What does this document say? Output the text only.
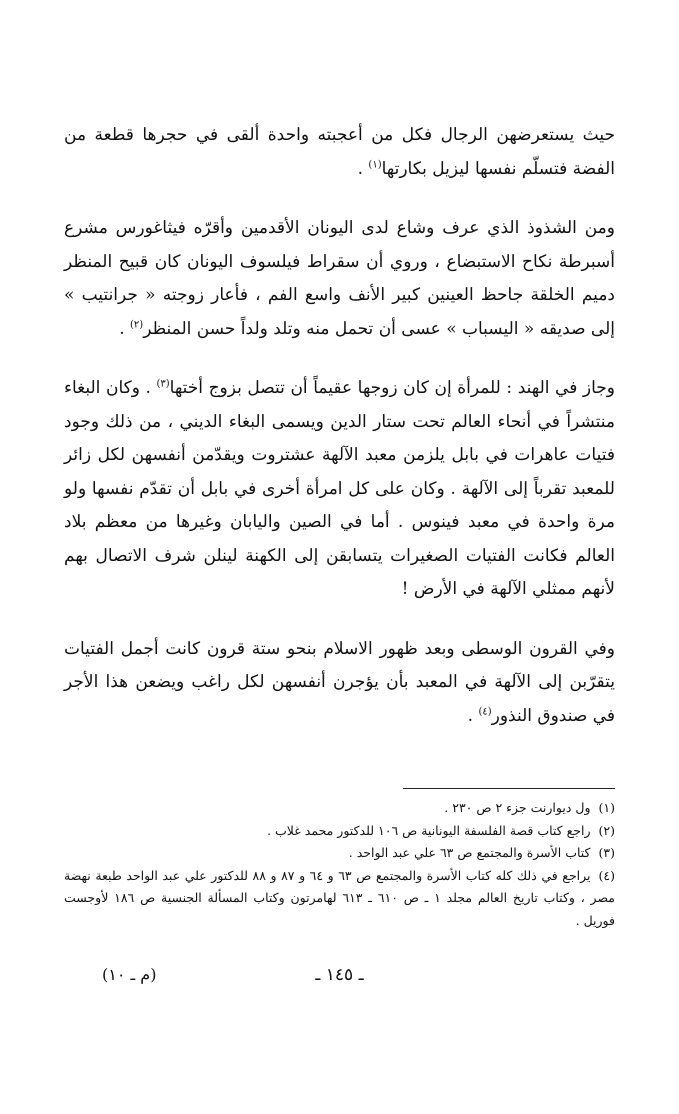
حيث يستعرضهن الرجال فكل من أعجبته واحدة ألقى في حجرها قطعة من الفضة فتسلّم نفسها ليزيل بكارتها$^{(١)}$ .

ومن الشذوذ الذي عرف وشاع لدى اليونان الأقدمين وأقرّه فيثاغورس مشرع أسبرطة نكاح الاستبضاع ، وروي أن سقراط فيلسوف اليونان كان قبيح المنظر دميم الخلقة جاحظ العينين كبير الأنف واسع الفم ، فأعار زوجته « جرانتيب » إلى صديقه « اليسباب » عسى أن تحمل منه وتلد ولداً حسن المنظر$^{(٢)}$ .

وجاز في الهند : للمرأة إن كان زوجها عقيماً أن تتصل بزوج أختها$^{(٣)}$ . وكان البغاء منتشراً في أنحاء العالم تحت ستار الدين ويسمى البغاء الديني ، من ذلك وجود فتيات عاهرات في بابل يلزمن معبد الآلهة عشتروت ويقدّمن أنفسهن لكل زائر للمعبد تقرباً إلى الآلهة . وكان على كل امرأة أخرى في بابل أن تقدّم نفسها ولو مرة واحدة في معبد فينوس . أما في الصين واليابان وغيرها من معظم بلاد العالم فكانت الفتيات الصغيرات يتسابقن إلى الكهنة لينلن شرف الاتصال بهم لأنهم ممثلي الآلهة في الأرض !

وفي القرون الوسطى وبعد ظهور الاسلام بنحو ستة قرون كانت أجمل الفتيات يتقرّبن إلى الآلهة في المعبد بأن يؤجرن أنفسهن لكل راغب ويضعن هذا الأجر في صندوق النذور$^{(٤)}$ .

(١)ول ديوارنت جزء ٢ ص ٢٣٠ .

(٢)راجع كتاب قصة الفلسفة اليونانية ص ١٠٦ للدكتور محمد غلاب .

(٣)كتاب الأسرة والمجتمع ص ٦٣ علي عبد الواحد .

(٤)يراجع في ذلك كله كتاب الأسرة والمجتمع ص ٦٣ و ٦٤ و ٨٧ و ٨٨ للدكتور علي عبد الواحد طبعة نهضة مصر ، وكتاب تاريخ العالم مجلد ١ ـ ص ٦١٠ ـ ٦١٣ لهامرتون وكتاب المسألة الجنسية ص ١٨٦ لأوجست فوريل .

ـ ١٤٥ ـ
(م ـ ١٠)
